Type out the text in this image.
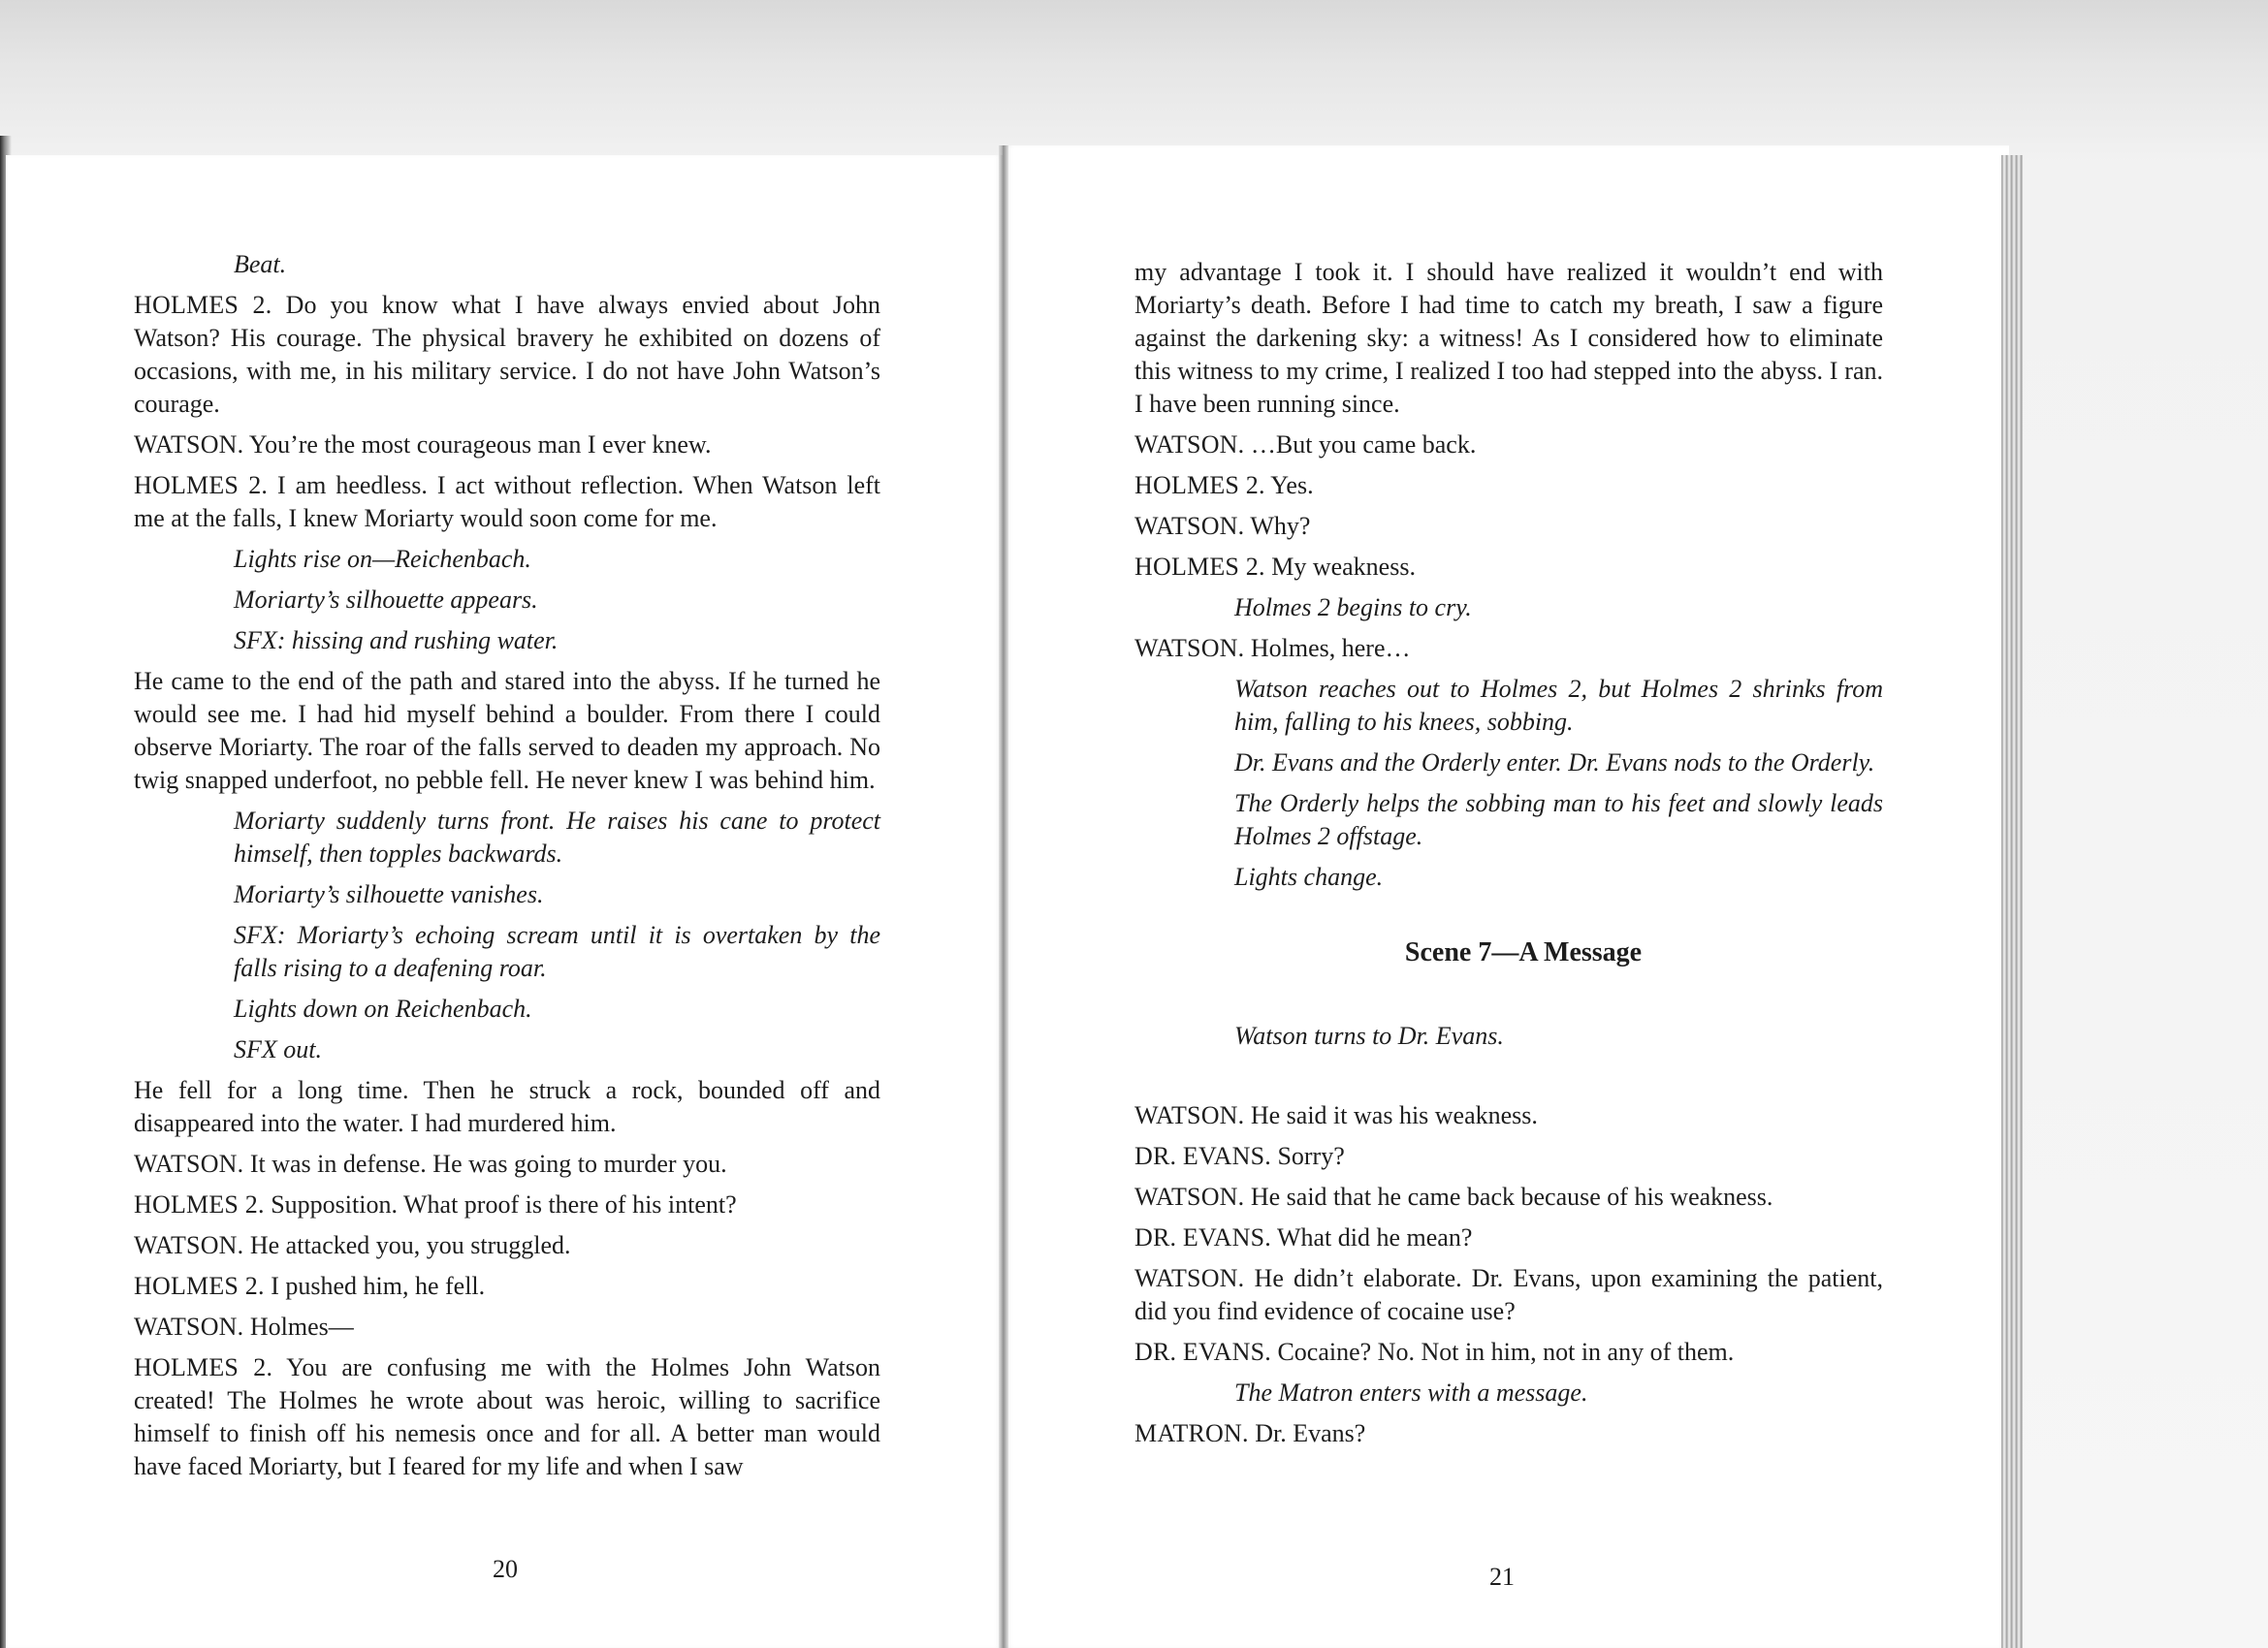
Beat.
HOLMES 2. Do you know what I have always envied about John Watson? His courage. The physical bravery he exhibited on dozens of occasions, with me, in his military service. I do not have John Watson’s courage.
WATSON. You’re the most courageous man I ever knew.
HOLMES 2. I am heedless. I act without reflection. When Watson left me at the falls, I knew Moriarty would soon come for me.
Lights rise on—Reichenbach.
Moriarty’s silhouette appears.
SFX: hissing and rushing water.
He came to the end of the path and stared into the abyss. If he turned he would see me. I had hid myself behind a boulder. From there I could observe Moriarty. The roar of the falls served to deaden my approach. No twig snapped underfoot, no pebble fell. He never knew I was behind him.
Moriarty suddenly turns front. He raises his cane to protect himself, then topples backwards.
Moriarty’s silhouette vanishes.
SFX: Moriarty’s echoing scream until it is overtaken by the falls rising to a deafening roar.
Lights down on Reichenbach.
SFX out.
He fell for a long time. Then he struck a rock, bounded off and disappeared into the water. I had murdered him.
WATSON. It was in defense. He was going to murder you.
HOLMES 2. Supposition. What proof is there of his intent?
WATSON. He attacked you, you struggled.
HOLMES 2. I pushed him, he fell.
WATSON. Holmes—
HOLMES 2. You are confusing me with the Holmes John Watson created! The Holmes he wrote about was heroic, willing to sacrifice himself to finish off his nemesis once and for all. A better man would have faced Moriarty, but I feared for my life and when I saw
my advantage I took it. I should have realized it wouldn’t end with Moriarty’s death. Before I had time to catch my breath, I saw a figure against the darkening sky: a witness! As I considered how to eliminate this witness to my crime, I realized I too had stepped into the abyss. I ran. I have been running since.
WATSON. …But you came back.
HOLMES 2. Yes.
WATSON. Why?
HOLMES 2. My weakness.
Holmes 2 begins to cry.
WATSON. Holmes, here…
Watson reaches out to Holmes 2, but Holmes 2 shrinks from him, falling to his knees, sobbing.
Dr. Evans and the Orderly enter. Dr. Evans nods to the Orderly.
The Orderly helps the sobbing man to his feet and slowly leads Holmes 2 offstage.
Lights change.
Scene 7—A Message
Watson turns to Dr. Evans.
WATSON. He said it was his weakness.
DR. EVANS. Sorry?
WATSON. He said that he came back because of his weakness.
DR. EVANS. What did he mean?
WATSON. He didn’t elaborate. Dr. Evans, upon examining the patient, did you find evidence of cocaine use?
DR. EVANS. Cocaine? No. Not in him, not in any of them.
The Matron enters with a message.
MATRON. Dr. Evans?
20	21
